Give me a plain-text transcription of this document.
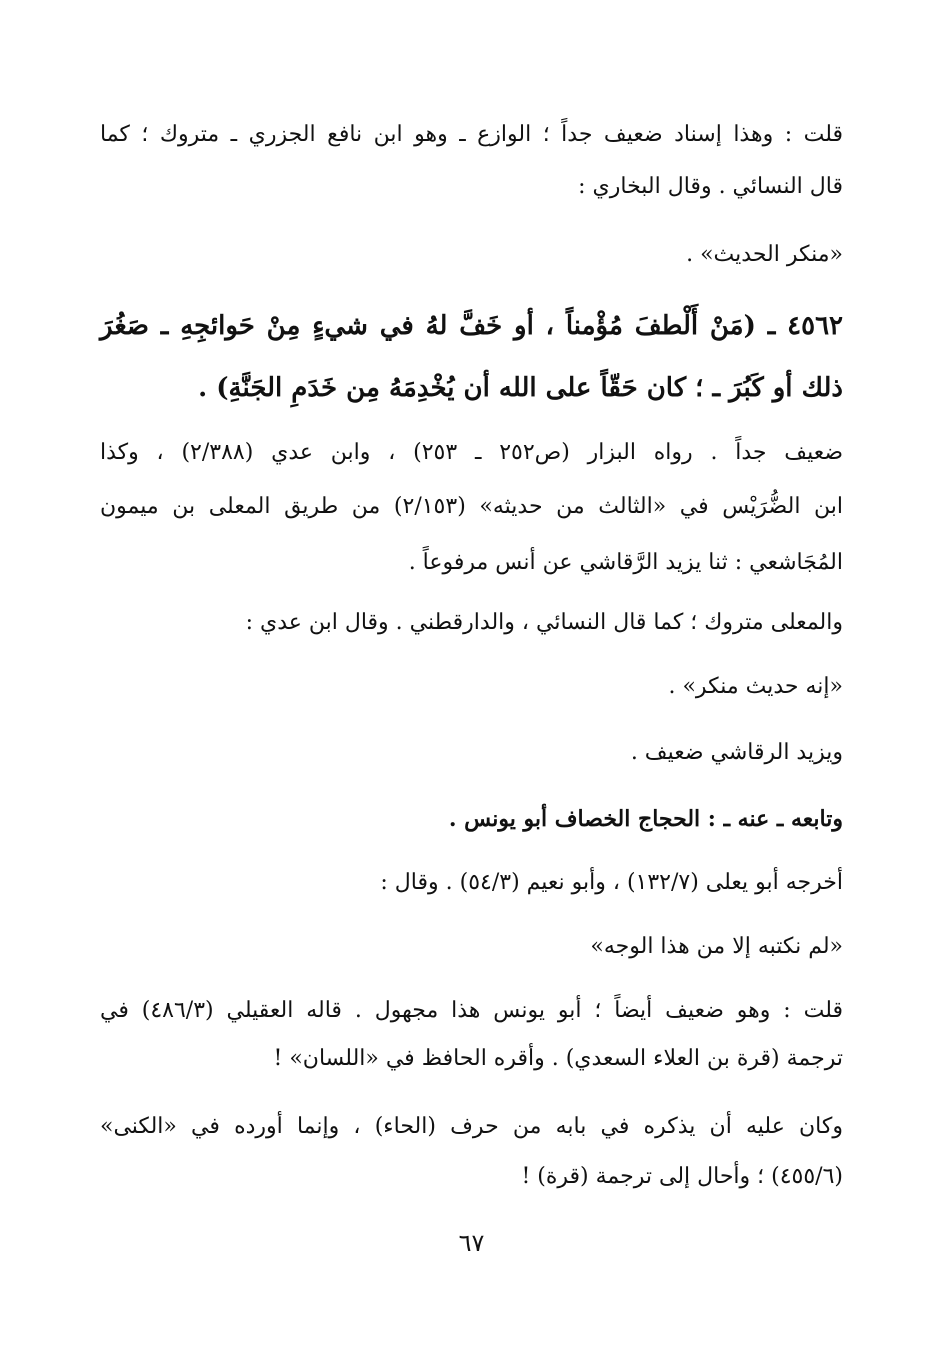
قلت : وهذا إسناد ضعيف جداً ؛ الوازع ـ وهو ابن نافع الجزري ـ متروك ؛ كما
قال النسائي . وقال البخاري :
«منكر الحديث» .
٤٥٦٢ ـ (مَنْ أَلْطفَ مُؤْمناً ، أو خَفَّ لهُ في شيءٍ مِنْ حَوائجِهِ ـ صَغُرَ
ذلك أو كَبُرَ ـ ؛ كان حَقّاً على الله أن يُخْدِمَهُ مِن خَدَمِ الجَنَّةِ) .
ضعيف جداً . رواه البزار (ص٢٥٢ ـ ٢٥٣) ، وابن عدي (٢/٣٨٨) ، وكذا
ابن الضُّرَيْس في «الثالث من حديثه» (٢/١٥٣) من طريق المعلى بن ميمون
المُجَاشعي : ثنا يزيد الرَّقاشي عن أنس مرفوعاً .
والمعلى متروك ؛ كما قال النسائي ، والدارقطني . وقال ابن عدي :
«إنه حديث منكر» .
ويزيد الرقاشي ضعيف .
وتابعه ـ عنه ـ : الحجاج الخصاف أبو يونس .
أخرجه أبو يعلى (١٣٢/٧) ، وأبو نعيم (٥٤/٣) . وقال :
«لم نكتبه إلا من هذا الوجه»
قلت : وهو ضعيف أيضاً ؛ أبو يونس هذا مجهول . قاله العقيلي (٤٨٦/٣) في
ترجمة (قرة بن العلاء السعدي) . وأقره الحافظ في «اللسان» !
وكان عليه أن يذكره في بابه من حرف (الحاء) ، وإنما أورده في «الكنى»
(٤٥٥/٦) ؛ وأحال إلى ترجمة (قرة) !
٦٧
